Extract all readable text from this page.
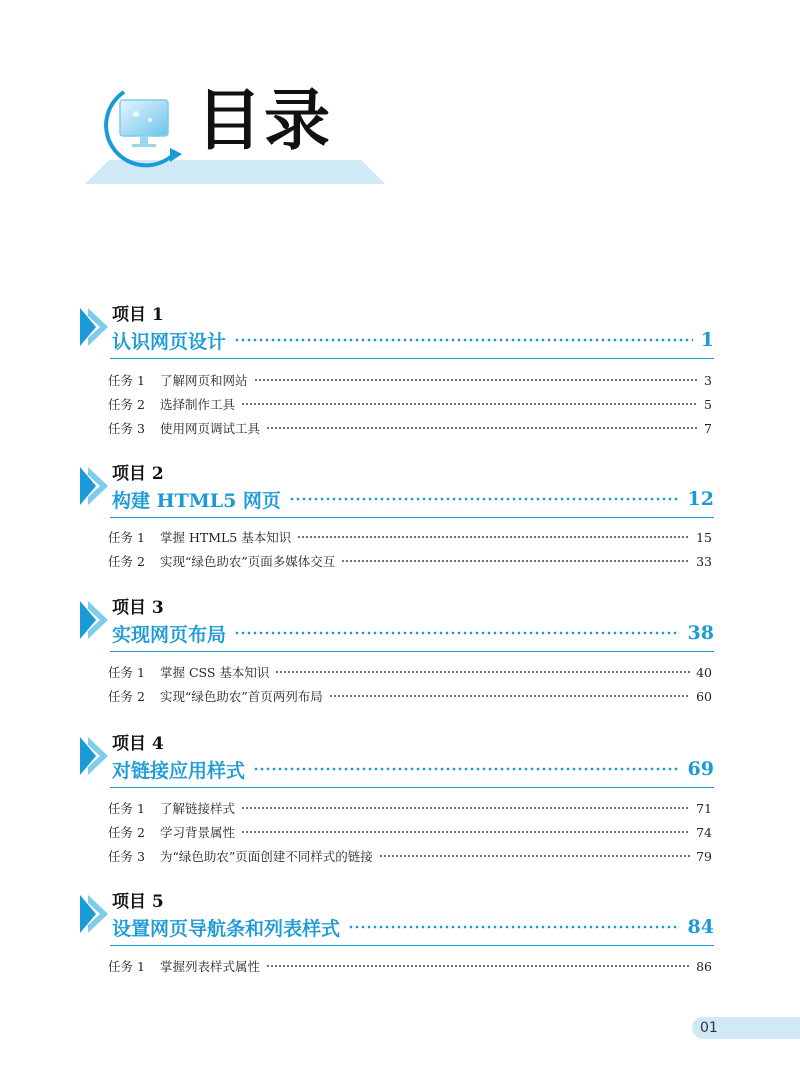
目录
项目 1
认识网页设计	1
任务 1	了解网页和网站	3
任务 2	选择制作工具	5
任务 3	使用网页调试工具	7
项目 2
构建 HTML5 网页	12
任务 1	掌握 HTML5 基本知识	15
任务 2	实现“绿色助农”页面多媒体交互	33
项目 3
实现网页布局	38
任务 1	掌握 CSS 基本知识	40
任务 2	实现“绿色助农”首页两列布局	60
项目 4
对链接应用样式	69
任务 1	了解链接样式	71
任务 2	学习背景属性	74
任务 3	为“绿色助农”页面创建不同样式的链接	79
项目 5
设置网页导航条和列表样式	84
任务 1	掌握列表样式属性	86
01
